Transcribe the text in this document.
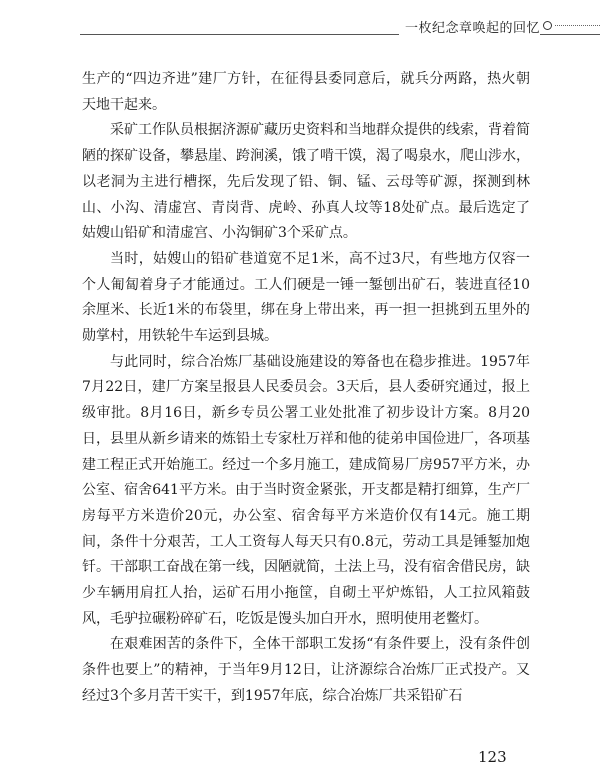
一枚纪念章唤起的回忆

生产的“四边齐进”建厂方针，在征得县委同意后，就兵分两路，热火朝天地干起来。

采矿工作队员根据济源矿藏历史资料和当地群众提供的线索，背着简陋的探矿设备，攀悬崖、跨涧溪，饿了啃干馍，渴了喝泉水，爬山涉水，以老洞为主进行槽探，先后发现了铅、铜、锰、云母等矿源，探测到林山、小沟、清虚宫、青岗背、虎岭、孙真人坟等18处矿点。最后选定了姑嫂山铅矿和清虚宫、小沟铜矿3个采矿点。

当时，姑嫂山的铅矿巷道宽不足1米，高不过3尺，有些地方仅容一个人匍匐着身子才能通过。工人们硬是一锤一錾刨出矿石，装进直径10余厘米、长近1米的布袋里，绑在身上带出来，再一担一担挑到五里外的勋掌村，用铁轮牛车运到县城。

与此同时，综合冶炼厂基础设施建设的筹备也在稳步推进。1957年7月22日，建厂方案呈报县人民委员会。3天后，县人委研究通过，报上级审批。8月16日，新乡专员公署工业处批准了初步设计方案。8月20日，县里从新乡请来的炼铅土专家杜万祥和他的徒弟申国俭进厂，各项基建工程正式开始施工。经过一个多月施工，建成简易厂房957平方米，办公室、宿舍641平方米。由于当时资金紧张，开支都是精打细算，生产厂房每平方米造价20元，办公室、宿舍每平方米造价仅有14元。施工期间，条件十分艰苦，工人工资每人每天只有0.8元，劳动工具是锤錾加炮钎。干部职工奋战在第一线，因陋就简，土法上马，没有宿舍借民房，缺少车辆用肩扛人抬，运矿石用小拖筐，自砌土平炉炼铅，人工拉风箱鼓风，毛驴拉碾粉碎矿石，吃饭是馒头加白开水，照明使用老鳖灯。

在艰难困苦的条件下，全体干部职工发扬“有条件要上，没有条件创条件也要上”的精神，于当年9月12日，让济源综合冶炼厂正式投产。又经过3个多月苦干实干，到1957年底，综合冶炼厂共采铅矿石

123
